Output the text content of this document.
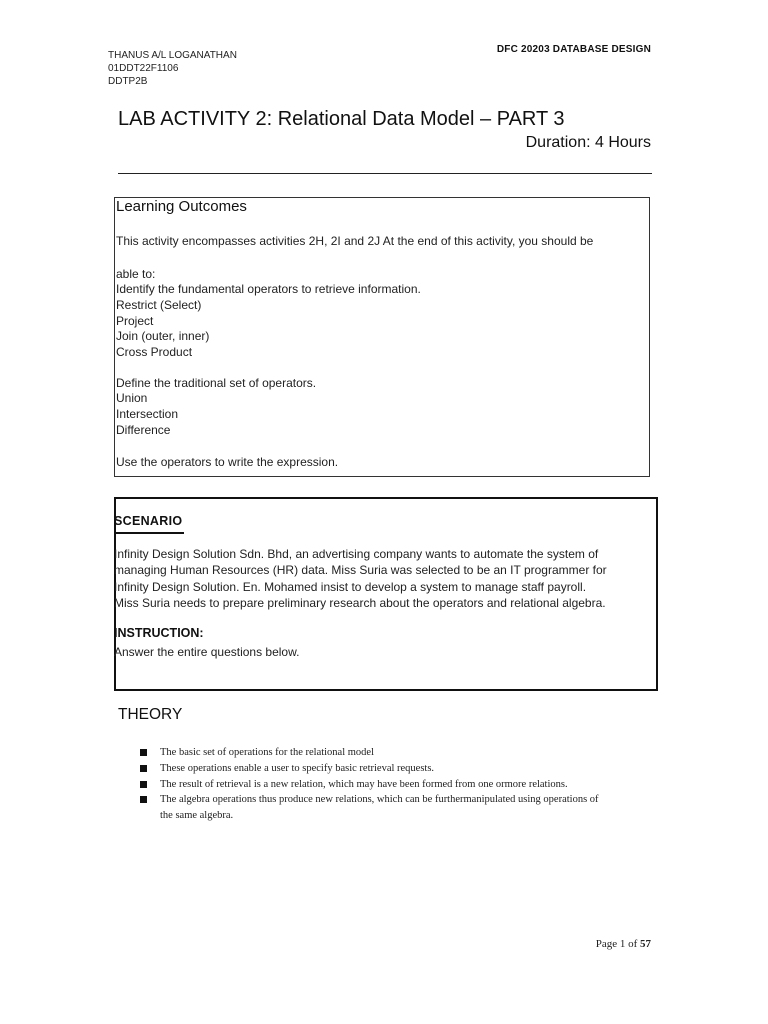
THANUS A/L LOGANATHAN
01DDT22F1106
DDTP2B
DFC 20203 DATABASE DESIGN
LAB ACTIVITY 2: Relational Data Model – PART 3
Duration: 4 Hours
Learning Outcomes
This activity encompasses activities 2H, 2I and 2J At the end of this activity, you should be
able to:
Identify the fundamental operators to retrieve information.
Restrict (Select)
Project
Join (outer, inner)
Cross Product
Define the traditional set of operators.
Union
Intersection
Difference
Use the operators to write the expression.
SCENARIO
Infinity Design Solution Sdn. Bhd, an advertising company wants to automate the system of
managing Human Resources (HR) data. Miss Suria was selected to be an IT programmer for
Infinity Design Solution. En. Mohamed insist to develop a system to manage staff payroll.
Miss Suria needs to prepare preliminary research about the operators and relational algebra.
INSTRUCTION:
Answer the entire questions below.
THEORY
The basic set of operations for the relational model
These operations enable a user to specify basic retrieval requests.
The result of retrieval is a new relation, which may have been formed from one ormore relations.
The algebra operations thus produce new relations, which can be furthermanipulated using operations of the same algebra.
Page 1 of 57
